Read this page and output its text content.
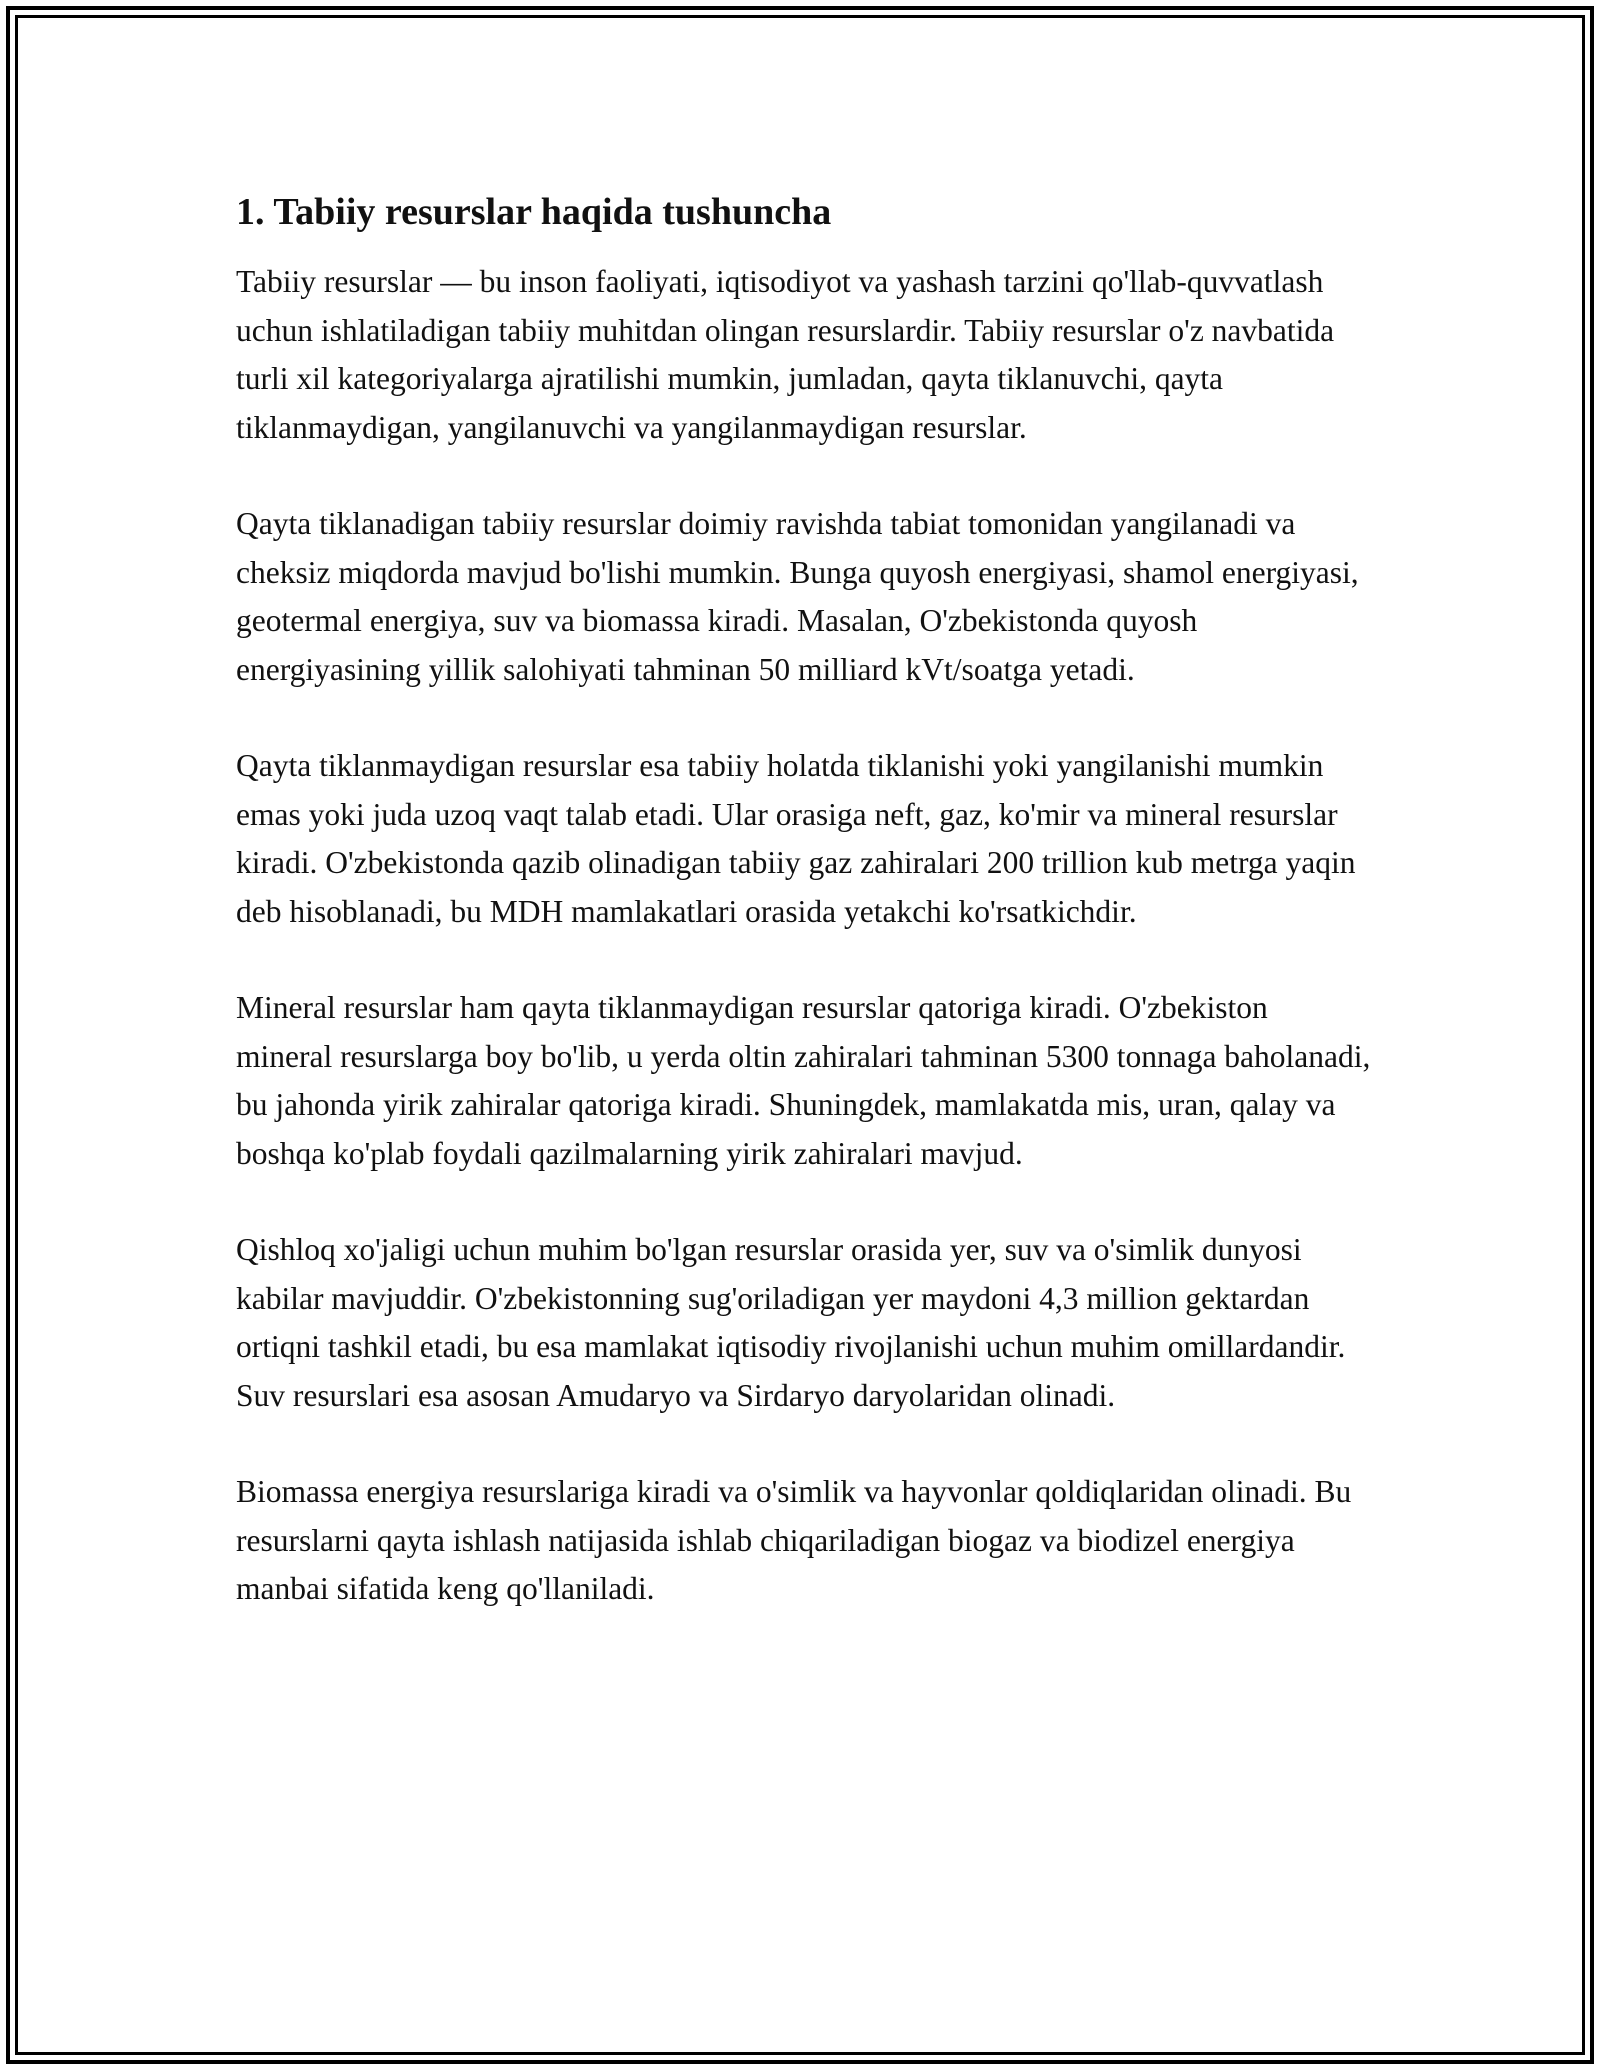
1. Tabiiy resurslar haqida tushuncha

Tabiiy resurslar — bu inson faoliyati, iqtisodiyot va yashash tarzini qo'llab-quvvatlash uchun ishlatiladigan tabiiy muhitdan olingan resurslardir. Tabiiy resurslar o'z navbatida turli xil kategoriyalarga ajratilishi mumkin, jumladan, qayta tiklanuvchi, qayta tiklanmaydigan, yangilanuvchi va yangilanmaydigan resurslar.

Qayta tiklanadigan tabiiy resurslar doimiy ravishda tabiat tomonidan yangilanadi va cheksiz miqdorda mavjud bo'lishi mumkin. Bunga quyosh energiyasi, shamol energiyasi, geotermal energiya, suv va biomassa kiradi. Masalan, O'zbekistonda quyosh energiyasining yillik salohiyati tahminan 50 milliard kVt/soatga yetadi.

Qayta tiklanmaydigan resurslar esa tabiiy holatda tiklanishi yoki yangilanishi mumkin emas yoki juda uzoq vaqt talab etadi. Ular orasiga neft, gaz, ko'mir va mineral resurslar kiradi. O'zbekistonda qazib olinadigan tabiiy gaz zahiralari 200 trillion kub metrga yaqin deb hisoblanadi, bu MDH mamlakatlari orasida yetakchi ko'rsatkichdir.

Mineral resurslar ham qayta tiklanmaydigan resurslar qatoriga kiradi. O'zbekiston mineral resurslarga boy bo'lib, u yerda oltin zahiralari tahminan 5300 tonnaga baholanadi, bu jahonda yirik zahiralar qatoriga kiradi. Shuningdek, mamlakatda mis, uran, qalay va boshqa ko'plab foydali qazilmalarning yirik zahiralari mavjud.

Qishloq xo'jaligi uchun muhim bo'lgan resurslar orasida yer, suv va o'simlik dunyosi kabilar mavjuddir. O'zbekistonning sug'oriladigan yer maydoni 4,3 million gektardan ortiqni tashkil etadi, bu esa mamlakat iqtisodiy rivojlanishi uchun muhim omillardandir. Suv resurslari esa asosan Amudaryo va Sirdaryo daryolaridan olinadi.

Biomassa energiya resurslariga kiradi va o'simlik va hayvonlar qoldiqlaridan olinadi. Bu resurslarni qayta ishlash natijasida ishlab chiqariladigan biogaz va biodizel energiya manbai sifatida keng qo'llaniladi.
